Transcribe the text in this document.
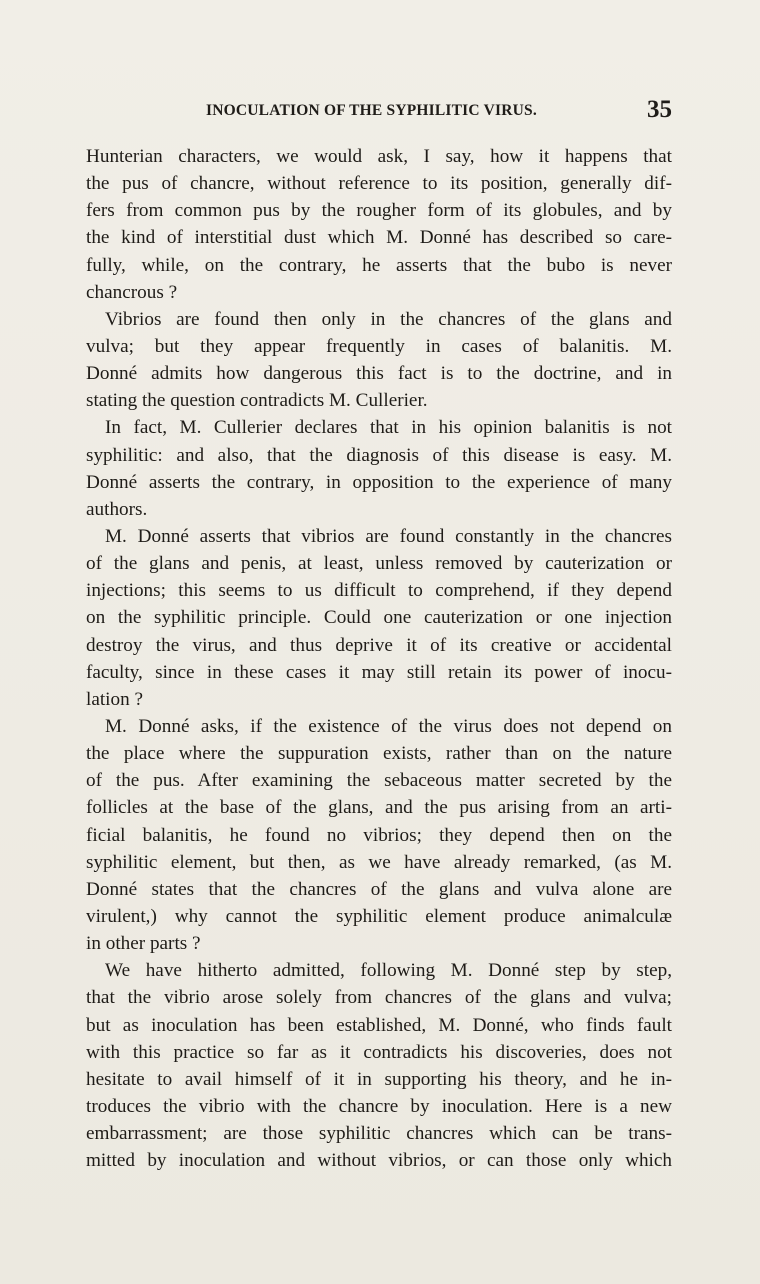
INOCULATION OF THE SYPHILITIC VIRUS.	35
Hunterian characters, we would ask, I say, how it happens that
the pus of chancre, without reference to its position, generally dif-
fers from common pus by the rougher form of its globules, and by
the kind of interstitial dust which M. Donné has described so care-
fully, while, on the contrary, he asserts that the bubo is never
chancrous ?
Vibrios are found then only in the chancres of the glans and
vulva; but they appear frequently in cases of balanitis. M.
Donné admits how dangerous this fact is to the doctrine, and in
stating the question contradicts M. Cullerier.
In fact, M. Cullerier declares that in his opinion balanitis is not
syphilitic: and also, that the diagnosis of this disease is easy. M.
Donné asserts the contrary, in opposition to the experience of many
authors.
M. Donné asserts that vibrios are found constantly in the chancres
of the glans and penis, at least, unless removed by cauterization or
injections; this seems to us difficult to comprehend, if they depend
on the syphilitic principle. Could one cauterization or one injection
destroy the virus, and thus deprive it of its creative or accidental
faculty, since in these cases it may still retain its power of inocu-
lation ?
M. Donné asks, if the existence of the virus does not depend on
the place where the suppuration exists, rather than on the nature
of the pus. After examining the sebaceous matter secreted by the
follicles at the base of the glans, and the pus arising from an arti-
ficial balanitis, he found no vibrios; they depend then on the
syphilitic element, but then, as we have already remarked, (as M.
Donné states that the chancres of the glans and vulva alone are
virulent,) why cannot the syphilitic element produce animalculæ
in other parts ?
We have hitherto admitted, following M. Donné step by step,
that the vibrio arose solely from chancres of the glans and vulva;
but as inoculation has been established, M. Donné, who finds fault
with this practice so far as it contradicts his discoveries, does not
hesitate to avail himself of it in supporting his theory, and he in-
troduces the vibrio with the chancre by inoculation. Here is a new
embarrassment; are those syphilitic chancres which can be trans-
mitted by inoculation and without vibrios, or can those only which
